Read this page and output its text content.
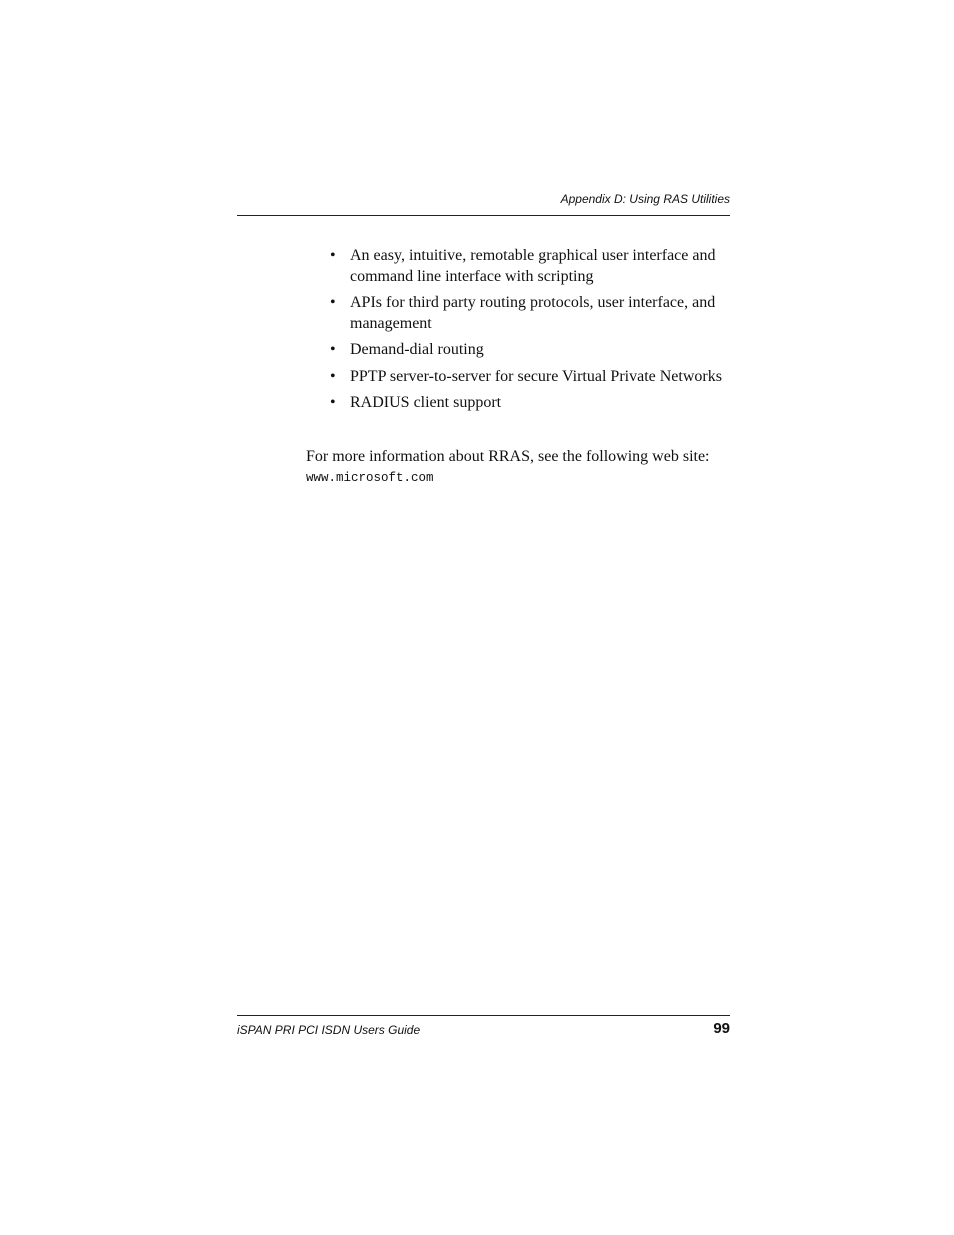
Appendix D: Using RAS Utilities
• An easy, intuitive, remotable graphical user interface and command line interface with scripting
• APIs for third party routing protocols, user interface, and management
• Demand-dial routing
• PPTP server-to-server for secure Virtual Private Networks
• RADIUS client support

For more information about RRAS, see the following web site:

www.microsoft.com
iSPAN PRI PCI ISDN Users Guide	99
